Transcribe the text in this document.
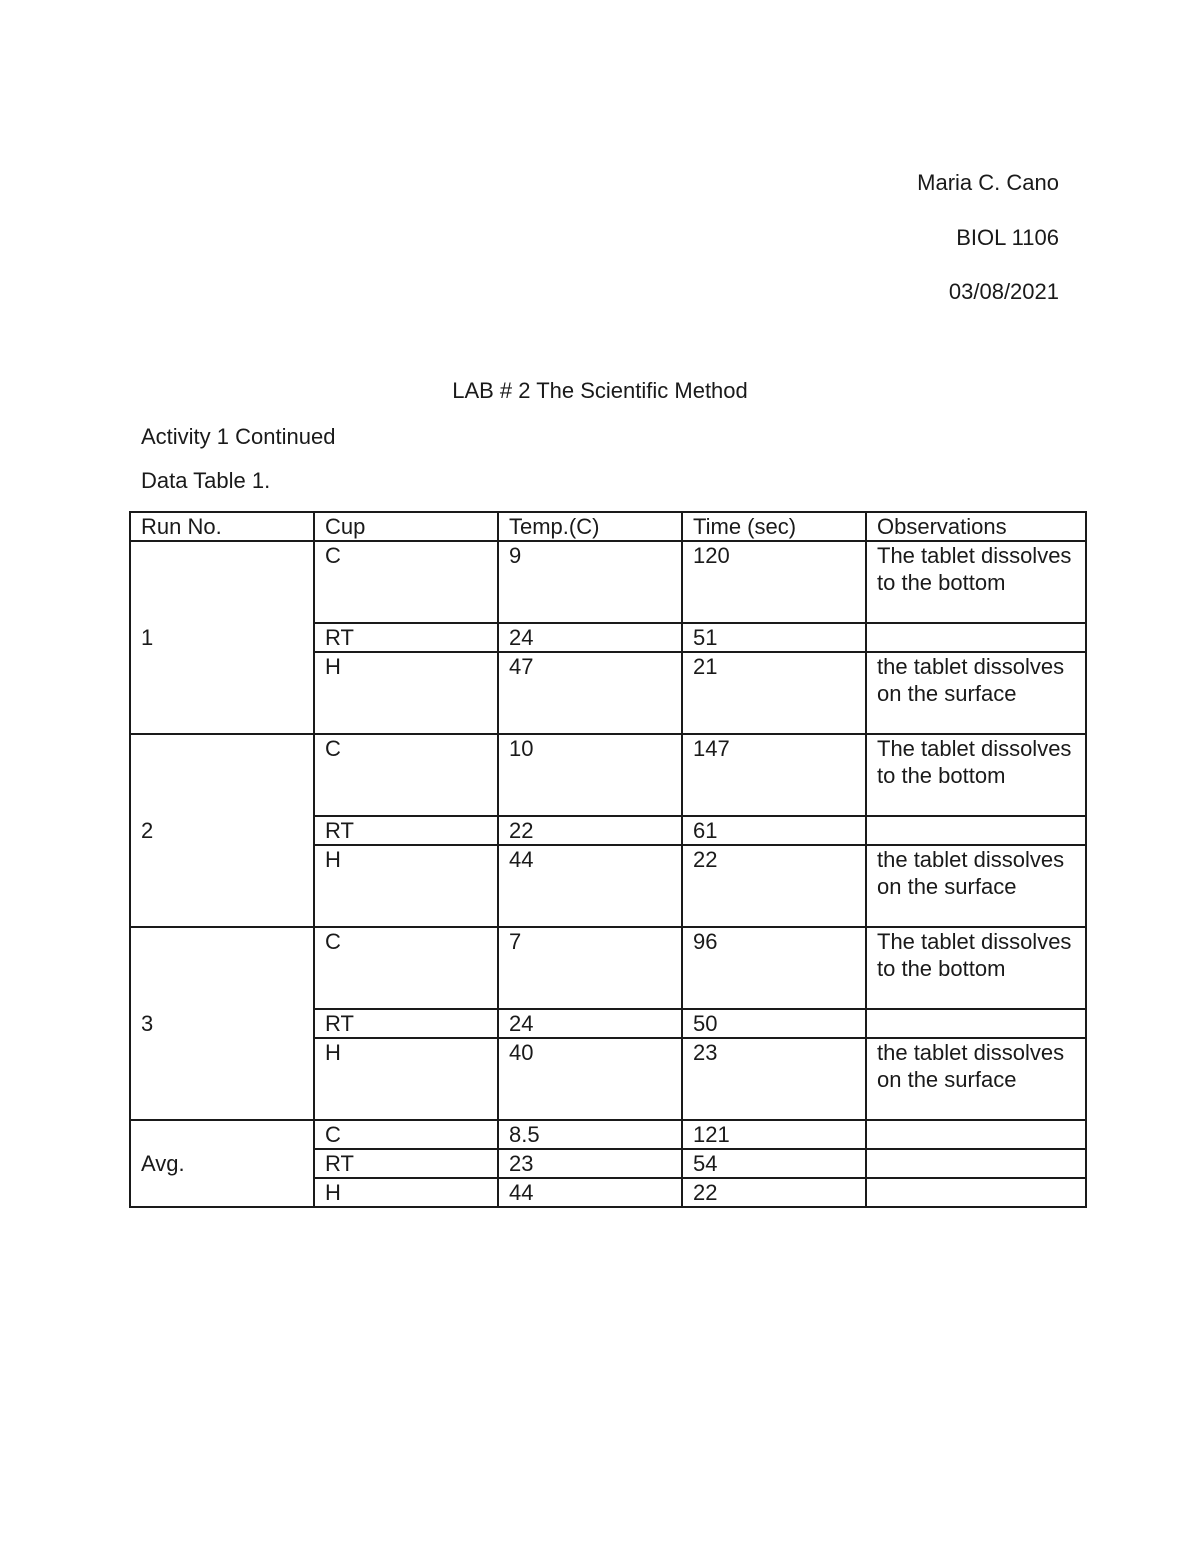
Maria C. Cano
BIOL 1106
03/08/2021
LAB # 2 The Scientific Method
Activity 1 Continued
Data Table 1.
Run No.	Cup	Temp.(C)	Time (sec)	Observations
1	C	9	120	The tablet dissolves to the bottom
	RT	24	51	
	H	47	21	the tablet dissolves on the surface
2	C	10	147	The tablet dissolves to the bottom
	RT	22	61	
	H	44	22	the tablet dissolves on the surface
3	C	7	96	The tablet dissolves to the bottom
	RT	24	50	
	H	40	23	the tablet dissolves on the surface
Avg.	C	8.5	121	
	RT	23	54	
	H	44	22	
